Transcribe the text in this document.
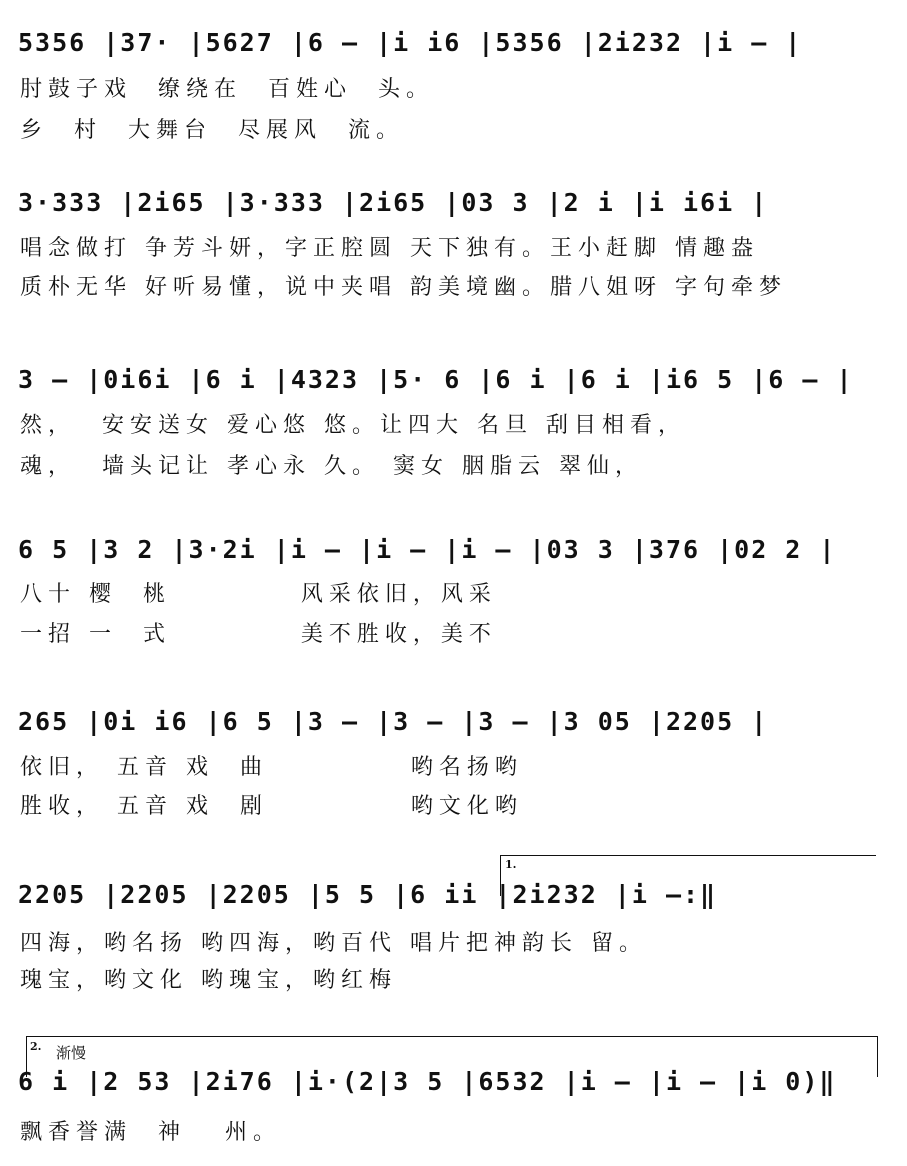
5356 |37· |5627 |6 – |i i6 |5356 |2i232 |i – |
肘鼓子戏  缭绕在  百姓心  头。
乡  村  大舞台  尽展风  流。
3·333 |2i65 |3·333 |2i65 |03 3 |2 i |i i6i |
唱念做打 争芳斗妍，字正腔圆 天下独有。王小赶脚 情趣盎
质朴无华 好听易懂，说中夹唱 韵美境幽。腊八姐呀 字句牵梦
3 – |0i6i |6 i |4323 |5· 6 |6 i |6 i |i6 5 |6 – |
然，  安安送女 爱心悠 悠。让四大 名旦 刮目相看，
魂，  墙头记让 孝心永 久。 窦女 胭脂云 翠仙，
6 5 |3 2 |3·2i |i – |i – |i – |03 3 |376 |02 2 |
八十 樱  桃          风采依旧，风采
一招 一  式          美不胜收，美不
265 |0i i6 |6 5 |3 – |3 – |3 – |3 05 |2205 |
依旧， 五音 戏  曲           哟名扬哟
胜收， 五音 戏  剧           哟文化哟
1.
2205 |2205 |2205 |5 5 |6 ii |2i232 |i –:‖
四海，哟名扬 哟四海，哟百代 唱片把神韵长 留。
瑰宝，哟文化 哟瑰宝，哟红梅
2. 渐慢
6 i |2 53 |2i76 |i·(2|3 5 |6532 |i – |i – |i 0)‖
飘香誉满  神   州。
